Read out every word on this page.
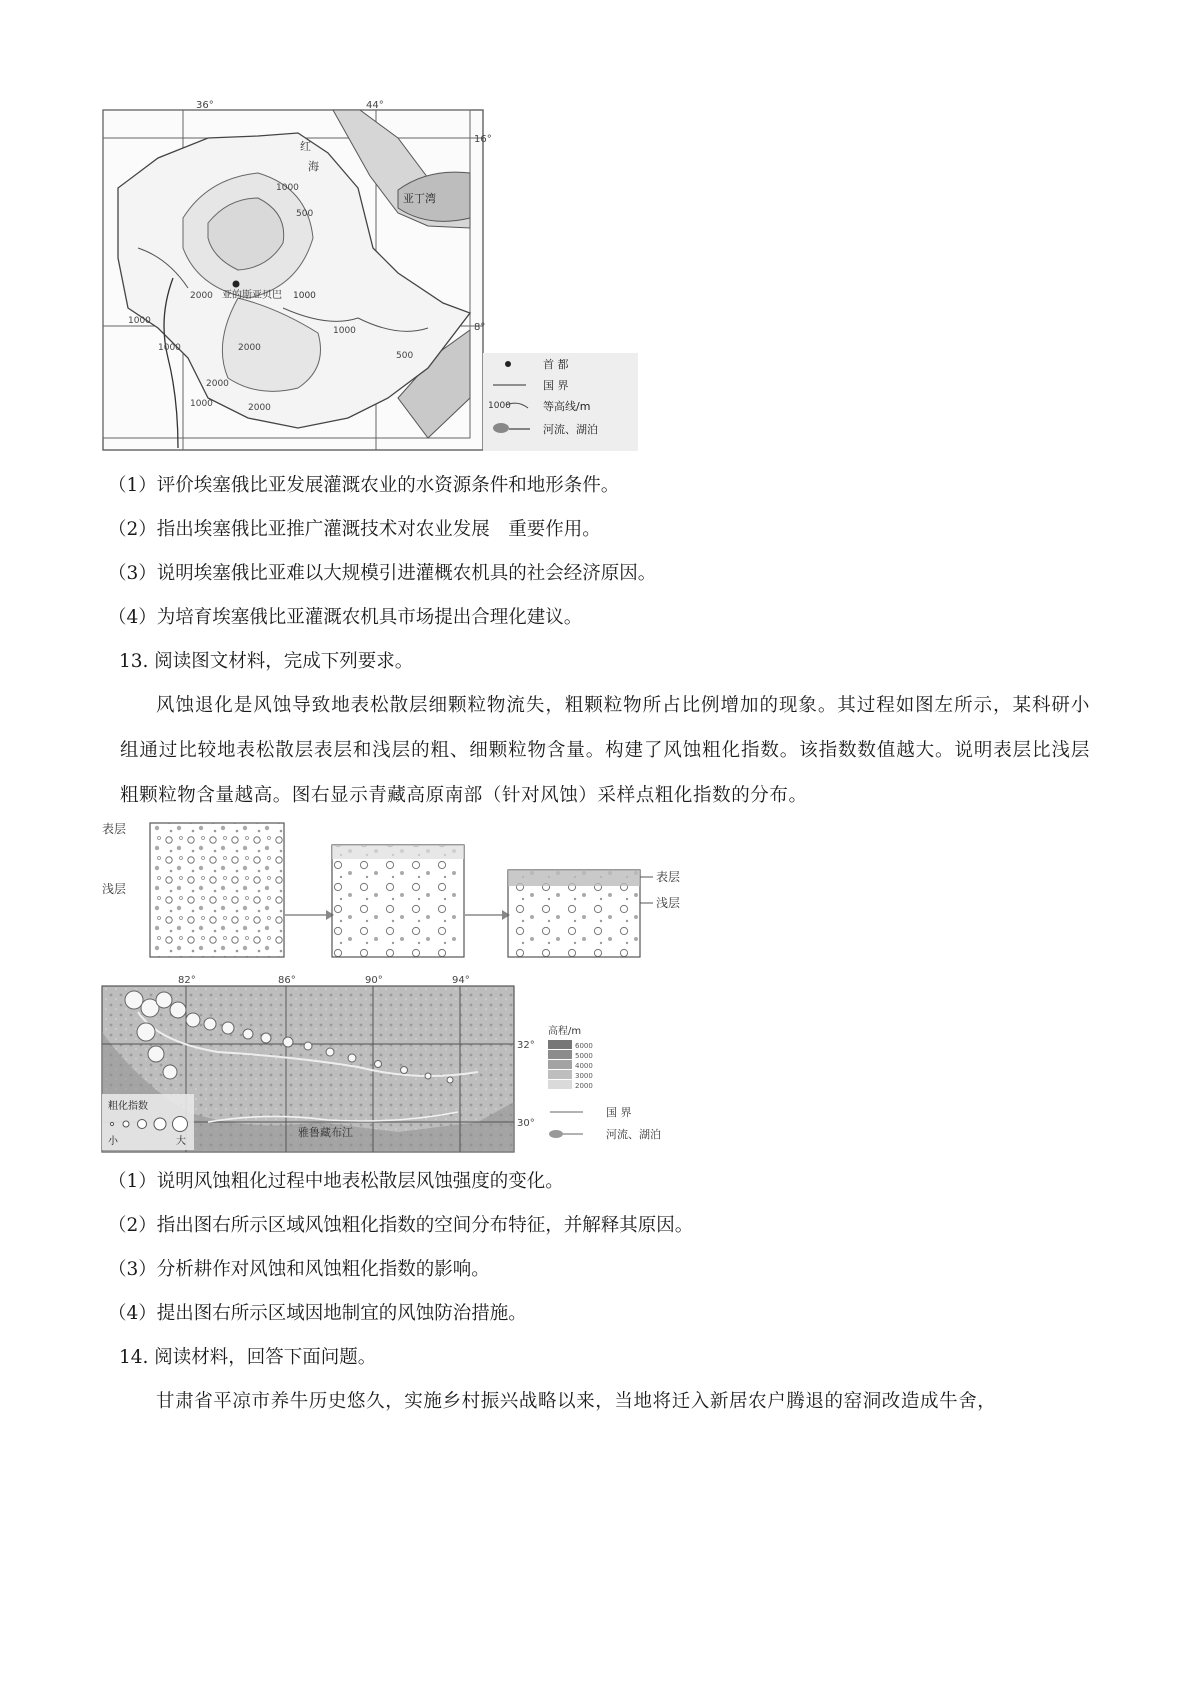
36°	44°
16°
8°
红
海
亚丁湾
亚的斯亚贝巴 1000
1000
500
2000
1000
1000	2000
2000
1000
1000
500
2000
首 都
国 界
1000	等高线/m
河流、湖泊
（1）评价埃塞俄比亚发展灌溉农业的水资源条件和地形条件。
（2）指出埃塞俄比亚推广灌溉技术对农业发展　重要作用。
（3）说明埃塞俄比亚难以大规模引进灌概农机具的社会经济原因。
（4）为培育埃塞俄比亚灌溉农机具市场提出合理化建议。
13. 阅读图文材料，完成下列要求。
风蚀退化是风蚀导致地表松散层细颗粒物流失，粗颗粒物所占比例增加的现象。其过程如图左所示，某科研小组通过比较地表松散层表层和浅层的粗、细颗粒物含量。构建了风蚀粗化指数。该指数数值越大。说明表层比浅层粗颗粒物含量越高。图右显示青藏高原南部（针对风蚀）采样点粗化指数的分布。
表层
浅层
表层
浅层
82°	86°	90°	94°
32°
30°
雅鲁藏布江
粗化指数
小	大
高程/m
6000
5000
4000
3000
2000
国 界
河流、湖泊
（1）说明风蚀粗化过程中地表松散层风蚀强度的变化。
（2）指出图右所示区域风蚀粗化指数的空间分布特征，并解释其原因。
（3）分析耕作对风蚀和风蚀粗化指数的影响。
（4）提出图右所示区域因地制宜的风蚀防治措施。
14. 阅读材料，回答下面问题。
甘肃省平凉市养牛历史悠久，实施乡村振兴战略以来，当地将迁入新居农户腾退的窑洞改造成牛舍，
